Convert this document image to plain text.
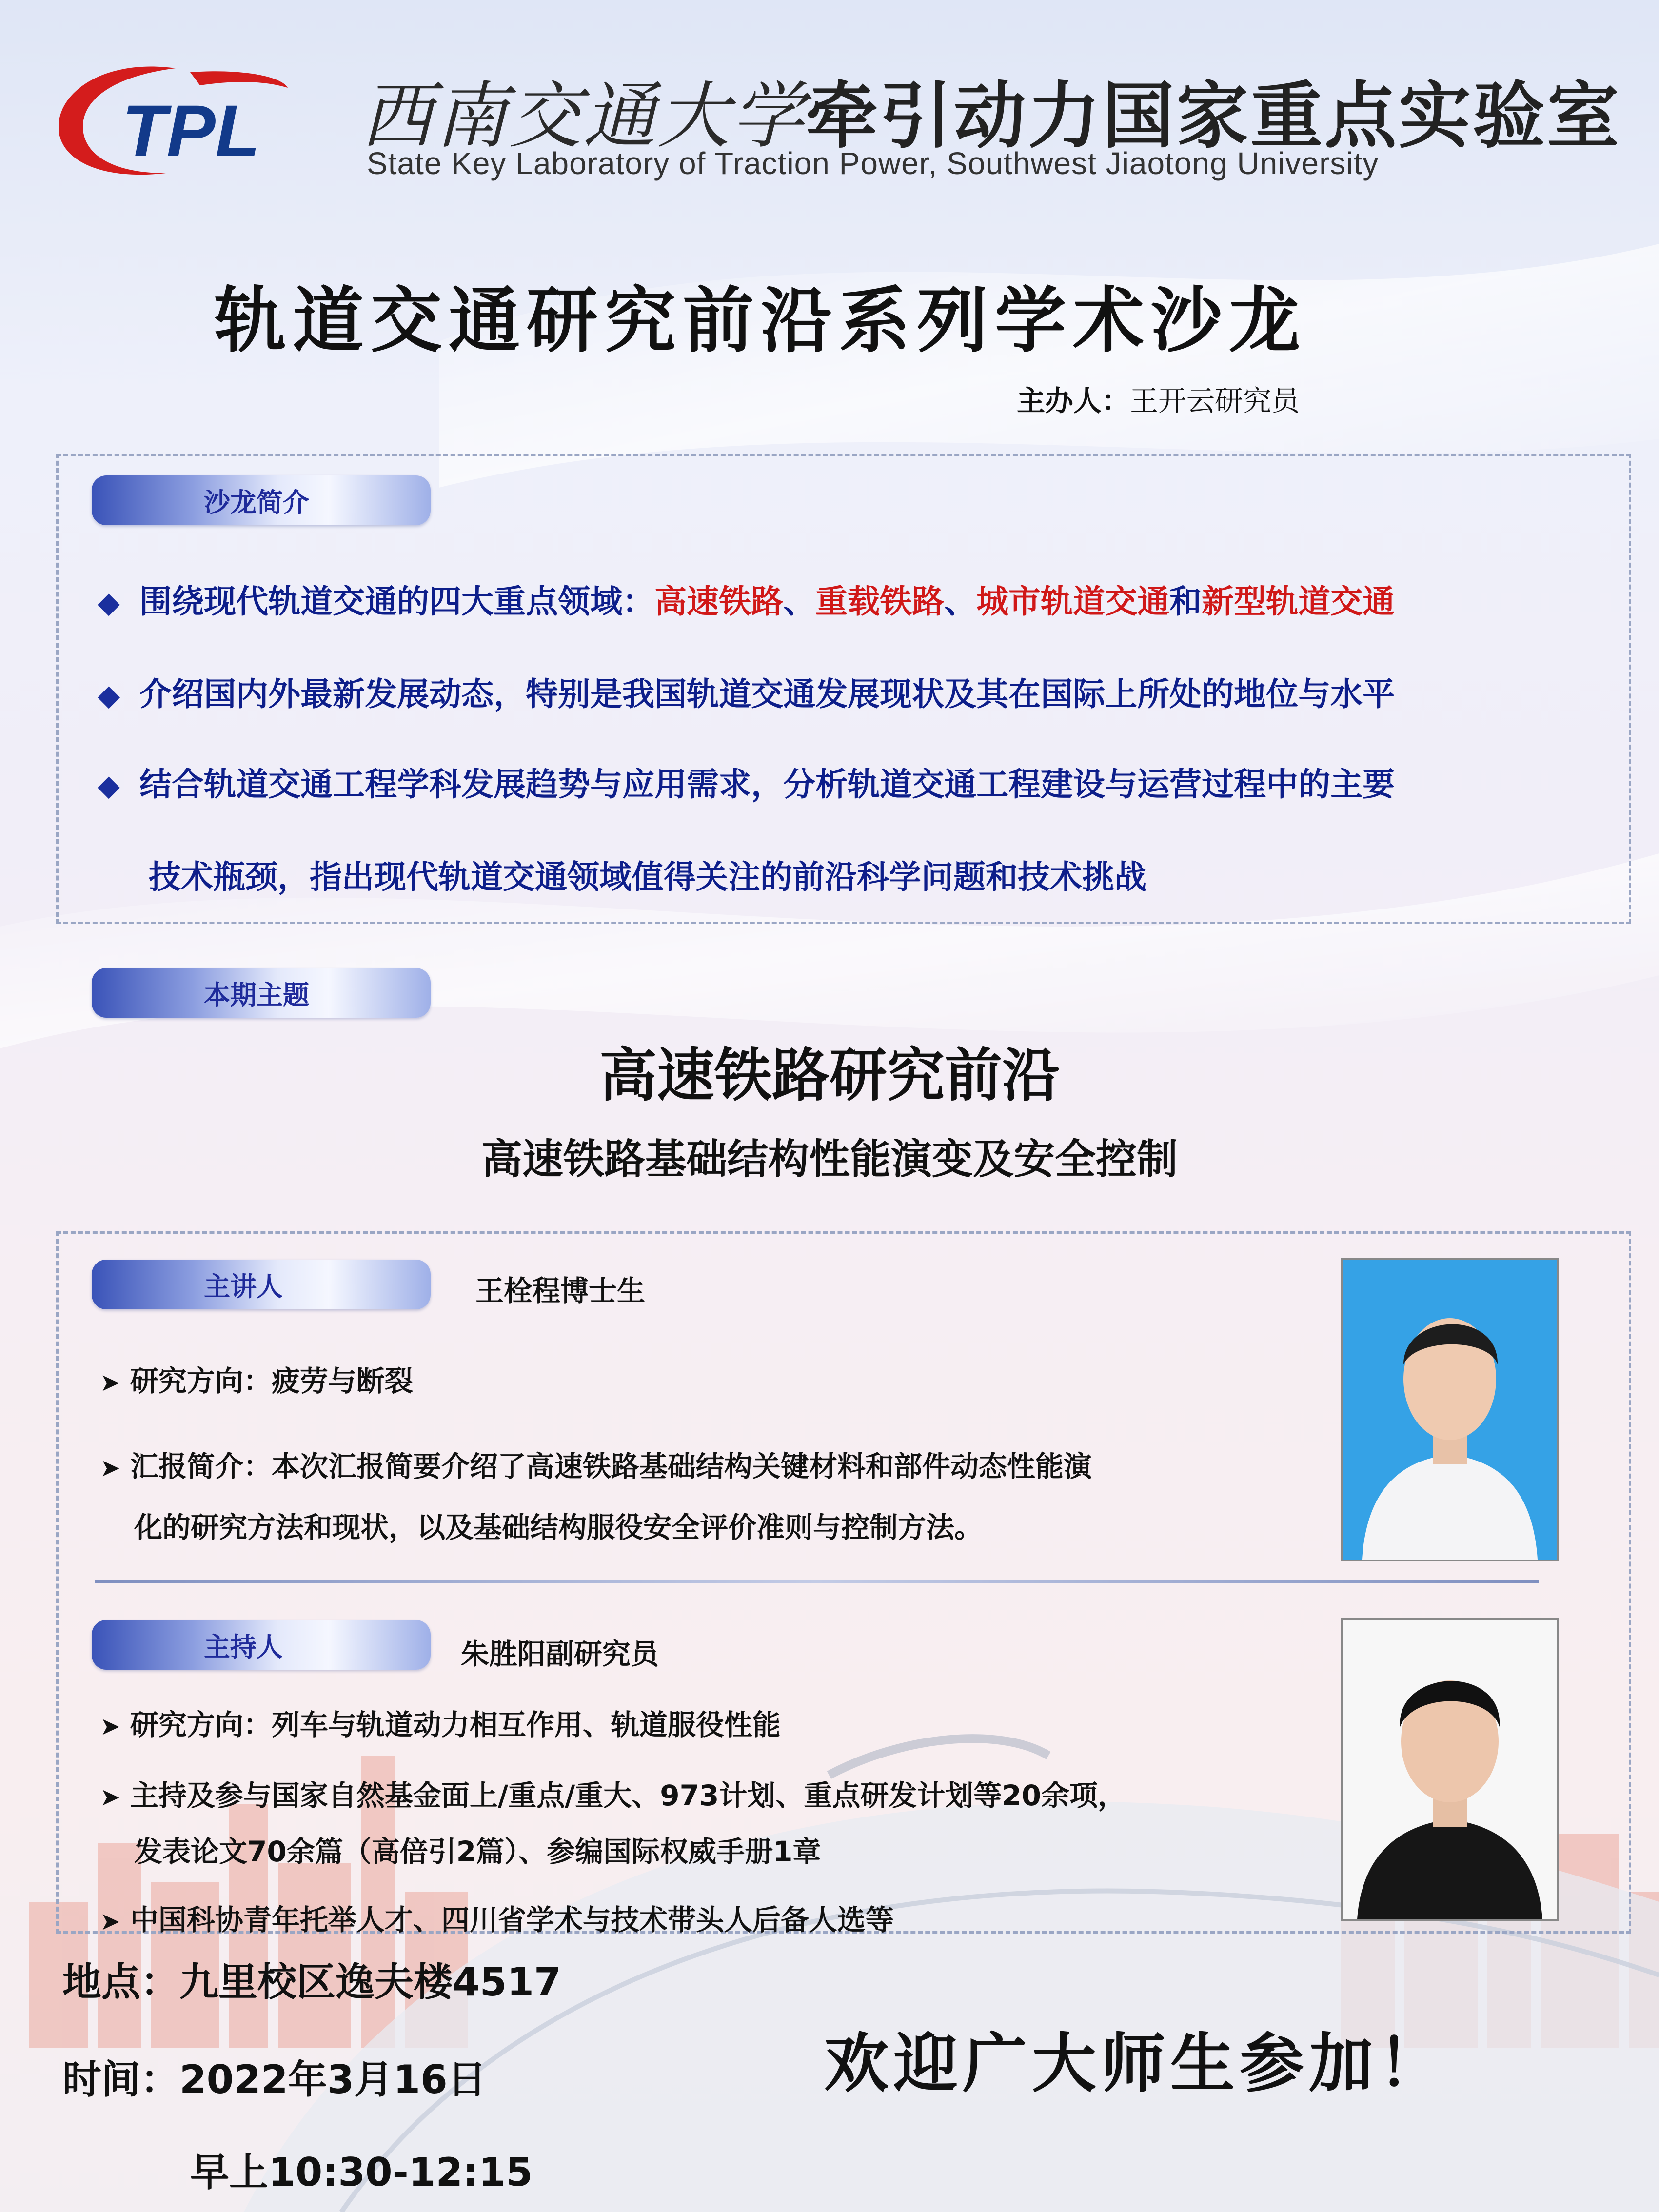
TPL 西南交通大学牵引动力国家重点实验室
State Key Laboratory of Traction Power, Southwest Jiaotong University
轨道交通研究前沿系列学术沙龙
主办人：王开云研究员
沙龙简介
◆ 围绕现代轨道交通的四大重点领域：高速铁路、重载铁路、城市轨道交通和新型轨道交通
◆ 介绍国内外最新发展动态，特别是我国轨道交通发展现状及其在国际上所处的地位与水平
◆ 结合轨道交通工程学科发展趋势与应用需求，分析轨道交通工程建设与运营过程中的主要
技术瓶颈，指出现代轨道交通领域值得关注的前沿科学问题和技术挑战
本期主题
高速铁路研究前沿
高速铁路基础结构性能演变及安全控制
主讲人	王栓程博士生
➤ 研究方向：疲劳与断裂
➤ 汇报简介：本次汇报简要介绍了高速铁路基础结构关键材料和部件动态性能演
化的研究方法和现状，以及基础结构服役安全评价准则与控制方法。
主持人	朱胜阳副研究员
➤ 研究方向：列车与轨道动力相互作用、轨道服役性能
➤ 主持及参与国家自然基金面上/重点/重大、973计划、重点研发计划等20余项，
发表论文70余篇（高倍引2篇）、参编国际权威手册1章
➤ 中国科协青年托举人才、四川省学术与技术带头人后备人选等
地点：九里校区逸夫楼4517
时间：2022年3月16日
早上10:30-12:15
欢迎广大师生参加！
